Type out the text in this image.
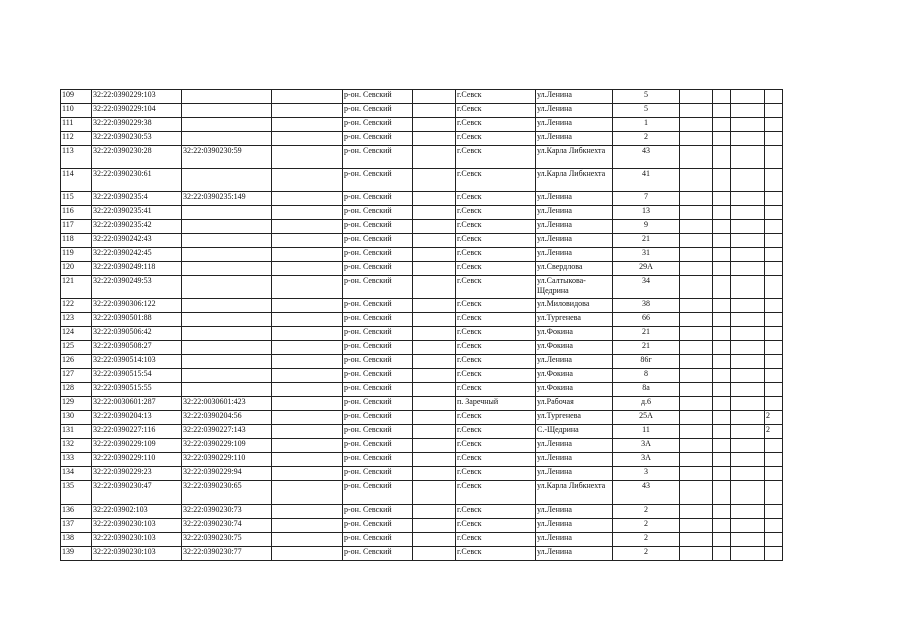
109	32:22:0390229:103			р-он. Севский		г.Севск	ул.Ленина	5				
110	32:22:0390229:104			р-он. Севский		г.Севск	ул.Ленина	5				
111	32:22:0390229:38			р-он. Севский		г.Севск	ул.Ленина	1				
112	32:22:0390230:53			р-он. Севский		г.Севск	ул.Ленина	2				
113	32:22:0390230:28	32:22:0390230:59		р-он. Севский		г.Севск	ул.Карла Либкнехта	43				
114	32:22:0390230:61			р-он. Севский		г.Севск	ул.Карла Либкнехта	41				
115	32:22:0390235:4	32:22:0390235:149		р-он. Севский		г.Севск	ул.Ленина	7				
116	32:22:0390235:41			р-он. Севский		г.Севск	ул.Ленина	13				
117	32:22:0390235:42			р-он. Севский		г.Севск	ул.Ленина	9				
118	32:22:0390242:43			р-он. Севский		г.Севск	ул.Ленина	21				
119	32:22:0390242:45			р-он. Севский		г.Севск	ул.Ленина	31				
120	32:22:0390249:118			р-он. Севский		г.Севск	ул.Свердлова	29А				
121	32:22:0390249:53			р-он. Севский		г.Севск	ул.Салтыкова-Щедрина	34				
122	32:22:0390306:122			р-он. Севский		г.Севск	ул.Миловидова	38				
123	32:22:0390501:88			р-он. Севский		г.Севск	ул.Тургенева	66				
124	32:22:0390506:42			р-он. Севский		г.Севск	ул.Фокина	21				
125	32:22:0390508:27			р-он. Севский		г.Севск	ул.Фокина	21				
126	32:22:0390514:103			р-он. Севский		г.Севск	ул.Ленина	86г				
127	32:22:0390515:54			р-он. Севский		г.Севск	ул.Фокина	8				
128	32:22:0390515:55			р-он. Севский		г.Севск	ул.Фокина	8а				
129	32:22:0030601:287	32:22:0030601:423		р-он. Севский		п. Заречный	ул.Рабочая	д.6				
130	32:22:0390204:13	32:22:0390204:56		р-он. Севский		г.Севск	ул.Тургенева	25А				2
131	32:22:0390227:116	32:22:0390227:143		р-он. Севский		г.Севск	С.-Щедрина	11				2
132	32:22:0390229:109	32:22:0390229:109		р-он. Севский		г.Севск	ул.Ленина	3А				
133	32:22:0390229:110	32:22:0390229:110		р-он. Севский		г.Севск	ул.Ленина	3А				
134	32:22:0390229:23	32:22:0390229:94		р-он. Севский		г.Севск	ул.Ленина	3				
135	32:22:0390230:47	32:22:0390230:65		р-он. Севский		г.Севск	ул.Карла Либкнехта	43				
136	32:22:03902:103	32:22:0390230:73		р-он. Севский		г.Севск	ул.Ленина	2				
137	32:22:0390230:103	32:22:0390230:74		р-он. Севский		г.Севск	ул.Ленина	2				
138	32:22:0390230:103	32:22:0390230:75		р-он. Севский		г.Севск	ул.Ленина	2				
139	32:22:0390230:103	32:22:0390230:77		р-он. Севский		г.Севск	ул.Ленина	2				
